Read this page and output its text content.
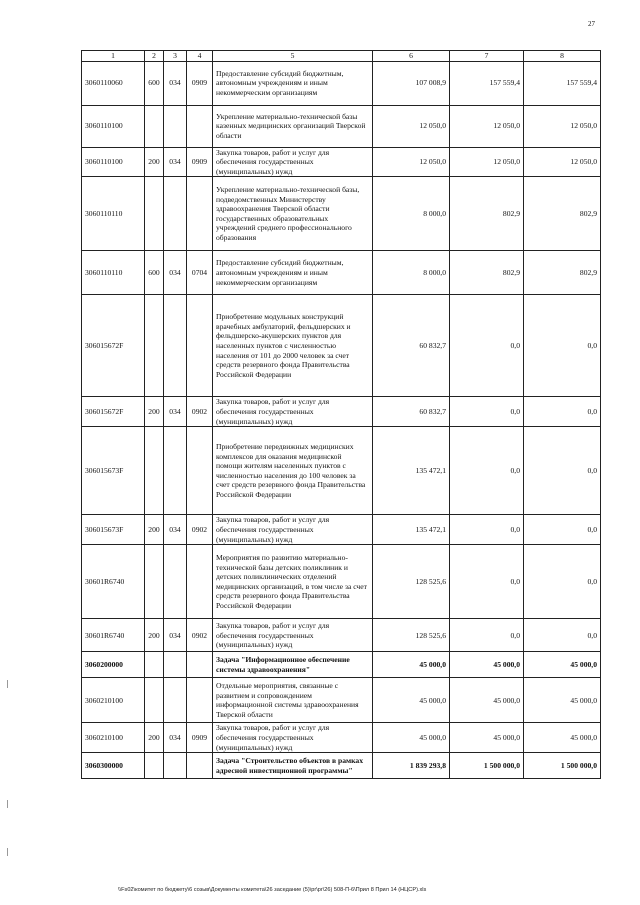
27
1	2	3	4	5	6	7	8
3060110060	600	034	0909	Предоставление субсидий бюджетным, автономным учреждениям и иным некоммерческим организациям	107 008,9	157 559,4	157 559,4
3060110100				Укрепление материально-технической базы казенных медицинских организаций Тверской области	12 050,0	12 050,0	12 050,0
3060110100	200	034	0909	Закупка товаров, работ и услуг для обеспечения государственных (муниципальных) нужд	12 050,0	12 050,0	12 050,0
3060110110				Укрепление материально-технической базы, подведомственных Министерству здравоохранения Тверской области государственных образовательных учреждений среднего профессионального образования	8 000,0	802,9	802,9
3060110110	600	034	0704	Предоставление субсидий бюджетным, автономным учреждениям и иным некоммерческим организациям	8 000,0	802,9	802,9
306015672F				Приобретение модульных конструкций врачебных амбулаторий, фельдшерских и фельдшерско-акушерских пунктов для населенных пунктов с численностью населения от 101 до 2000 человек за счет средств резервного фонда Правительства Российской Федерации	60 832,7	0,0	0,0
306015672F	200	034	0902	Закупка товаров, работ и услуг для обеспечения государственных (муниципальных) нужд	60 832,7	0,0	0,0
306015673F				Приобретение передвижных медицинских комплексов для оказания медицинской помощи жителям населенных пунктов с численностью населения до 100 человек за счет средств резервного фонда Правительства Российской Федерации	135 472,1	0,0	0,0
306015673F	200	034	0902	Закупка товаров, работ и услуг для обеспечения государственных (муниципальных) нужд	135 472,1	0,0	0,0
30601R6740				Мероприятия по развитию материально-технической базы детских поликлиник и детских поликлинических отделений медицинских организаций, в том числе за счет средств резервного фонда Правительства Российской Федерации	128 525,6	0,0	0,0
30601R6740	200	034	0902	Закупка товаров, работ и услуг для обеспечения государственных (муниципальных) нужд	128 525,6	0,0	0,0
3060200000				Задача "Информационное обеспечение системы здравоохранения"	45 000,0	45 000,0	45 000,0
3060210100				Отдельные мероприятия, связанные с развитием и сопровождением информационной системы здравоохранения Тверской области	45 000,0	45 000,0	45 000,0
3060210100	200	034	0909	Закупка товаров, работ и услуг для обеспечения государственных (муниципальных) нужд	45 000,0	45 000,0	45 000,0
3060300000				Задача "Строительство объектов в рамках адресной инвестиционной программы"	1 839 293,8	1 500 000,0	1 500 000,0
\\Fs02\комитет по бюджету\6 созыв\Документы комитета\26 заседание (5)\pr\pr\26) 508-П-6\Прил 8 Прил 14 (НЦСР).xls
